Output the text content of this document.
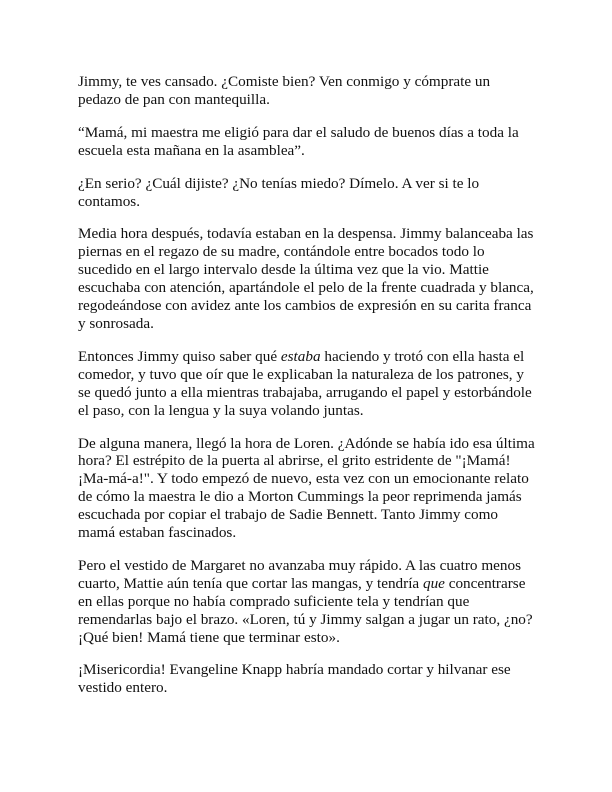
Jimmy, te ves cansado. ¿Comiste bien? Ven conmigo y cómprate un pedazo de pan con mantequilla.

“Mamá, mi maestra me eligió para dar el saludo de buenos días a toda la escuela esta mañana en la asamblea”.

¿En serio? ¿Cuál dijiste? ¿No tenías miedo? Dímelo. A ver si te lo contamos.

Media hora después, todavía estaban en la despensa. Jimmy balanceaba las piernas en el regazo de su madre, contándole entre bocados todo lo sucedido en el largo intervalo desde la última vez que la vio. Mattie escuchaba con atención, apartándole el pelo de la frente cuadrada y blanca, regodeándose con avidez ante los cambios de expresión en su carita franca y sonrosada.

Entonces Jimmy quiso saber qué estaba haciendo y trotó con ella hasta el comedor, y tuvo que oír que le explicaban la naturaleza de los patrones, y se quedó junto a ella mientras trabajaba, arrugando el papel y estorbándole el paso, con la lengua y la suya volando juntas.

De alguna manera, llegó la hora de Loren. ¿Adónde se había ido esa última hora? El estrépito de la puerta al abrirse, el grito estridente de "¡Mamá! ¡Ma-má-a!". Y todo empezó de nuevo, esta vez con un emocionante relato de cómo la maestra le dio a Morton Cummings la peor reprimenda jamás escuchada por copiar el trabajo de Sadie Bennett. Tanto Jimmy como mamá estaban fascinados.

Pero el vestido de Margaret no avanzaba muy rápido. A las cuatro menos cuarto, Mattie aún tenía que cortar las mangas, y tendría que concentrarse en ellas porque no había comprado suficiente tela y tendrían que remendarlas bajo el brazo. «Loren, tú y Jimmy salgan a jugar un rato, ¿no? ¡Qué bien! Mamá tiene que terminar esto».

¡Misericordia! Evangeline Knapp habría mandado cortar y hilvanar ese vestido entero.
